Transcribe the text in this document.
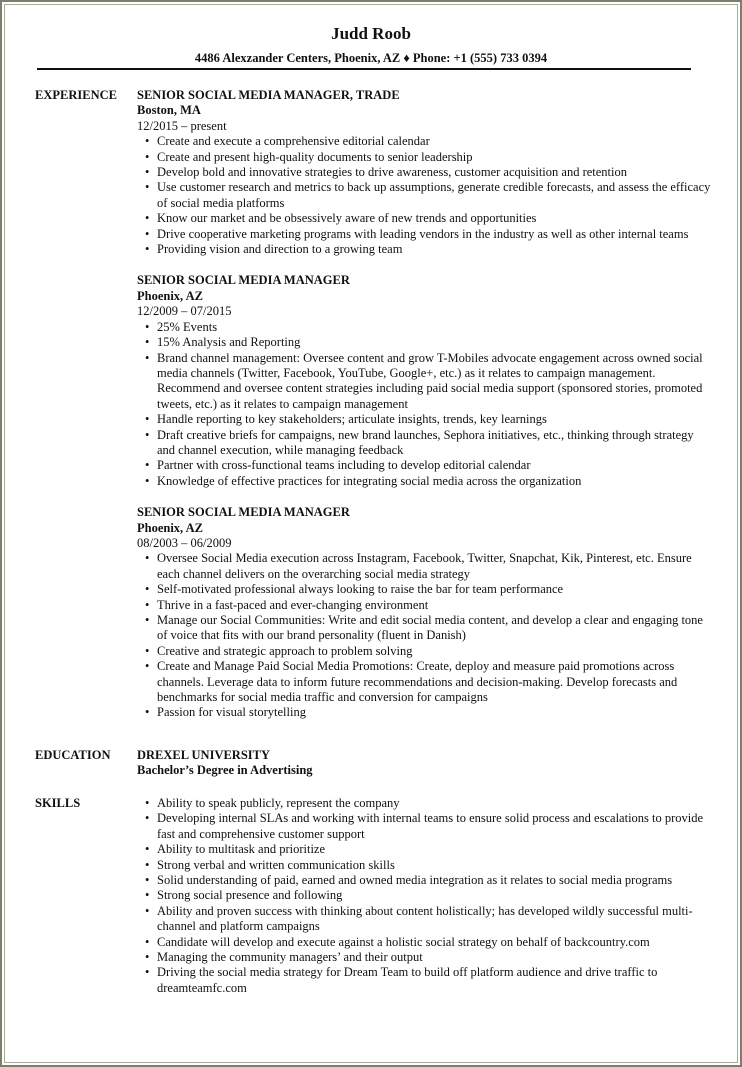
Judd Roob
4486 Alexzander Centers, Phoenix, AZ ♦ Phone: +1 (555) 733 0394
EXPERIENCE SENIOR SOCIAL MEDIA MANAGER, TRADE
Boston, MA
12/2015 – present
• Create and execute a comprehensive editorial calendar
• Create and present high-quality documents to senior leadership
• Develop bold and innovative strategies to drive awareness, customer acquisition and retention
• Use customer research and metrics to back up assumptions, generate credible forecasts, and assess the efficacy of social media platforms
• Know our market and be obsessively aware of new trends and opportunities
• Drive cooperative marketing programs with leading vendors in the industry as well as other internal teams
• Providing vision and direction to a growing team
SENIOR SOCIAL MEDIA MANAGER
Phoenix, AZ
12/2009 – 07/2015
• 25% Events
• 15% Analysis and Reporting
• Brand channel management: Oversee content and grow T-Mobiles advocate engagement across owned social media channels (Twitter, Facebook, YouTube, Google+, etc.) as it relates to campaign management. Recommend and oversee content strategies including paid social media support (sponsored stories, promoted tweets, etc.) as it relates to campaign management
• Handle reporting to key stakeholders; articulate insights, trends, key learnings
• Draft creative briefs for campaigns, new brand launches, Sephora initiatives, etc., thinking through strategy and channel execution, while managing feedback
• Partner with cross-functional teams including to develop editorial calendar
• Knowledge of effective practices for integrating social media across the organization
SENIOR SOCIAL MEDIA MANAGER
Phoenix, AZ
08/2003 – 06/2009
• Oversee Social Media execution across Instagram, Facebook, Twitter, Snapchat, Kik, Pinterest, etc. Ensure each channel delivers on the overarching social media strategy
• Self-motivated professional always looking to raise the bar for team performance
• Thrive in a fast-paced and ever-changing environment
• Manage our Social Communities: Write and edit social media content, and develop a clear and engaging tone of voice that fits with our brand personality (fluent in Danish)
• Creative and strategic approach to problem solving
• Create and Manage Paid Social Media Promotions: Create, deploy and measure paid promotions across channels. Leverage data to inform future recommendations and decision-making. Develop forecasts and benchmarks for social media traffic and conversion for campaigns
• Passion for visual storytelling
EDUCATION DREXEL UNIVERSITY
Bachelor’s Degree in Advertising
SKILLS	• Ability to speak publicly, represent the company
• Developing internal SLAs and working with internal teams to ensure solid process and escalations to provide fast and comprehensive customer support
• Ability to multitask and prioritize
• Strong verbal and written communication skills
• Solid understanding of paid, earned and owned media integration as it relates to social media programs
• Strong social presence and following
• Ability and proven success with thinking about content holistically; has developed wildly successful multi-channel and platform campaigns
• Candidate will develop and execute against a holistic social strategy on behalf of backcountry.com
• Managing the community managers’ and their output
• Driving the social media strategy for Dream Team to build off platform audience and drive traffic to dreamteamfc.com
